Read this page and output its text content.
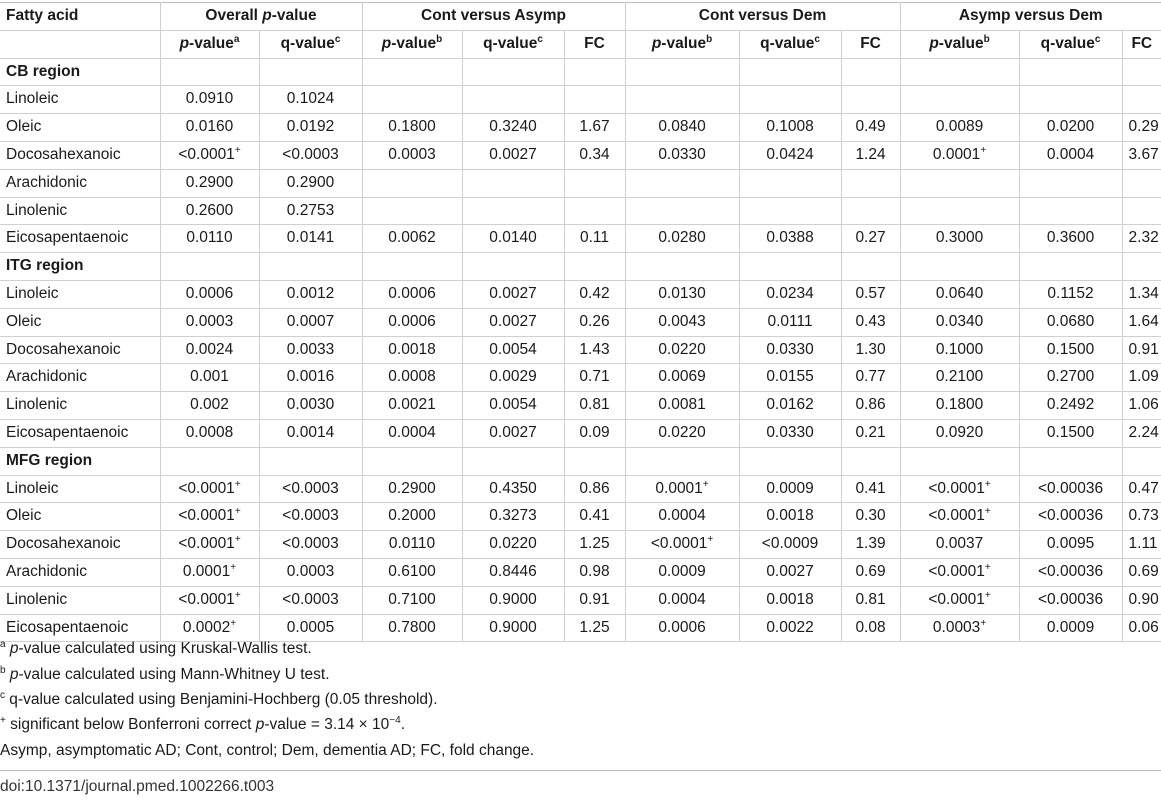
Fatty acid	Overall p-value		Cont versus Asymp			Cont versus Dem			Asymp versus Dem		
	p-value$^a$	q-value$^c$	p-value$^b$	q-value$^c$	FC	p-value$^b$	q-value$^c$	FC	p-value$^b$	q-value$^c$	FC
CB region											
Linoleic	0.0910	0.1024									
Oleic	0.0160	0.0192	0.1800	0.3240	1.67	0.0840	0.1008	0.49	0.0089	0.0200	0.29
Docosahexanoic	<0.0001+	<0.0003	0.0003	0.0027	0.34	0.0330	0.0424	1.24	0.0001+	0.0004	3.67
Arachidonic	0.2900	0.2900									
Linolenic	0.2600	0.2753									
Eicosapentaenoic	0.0110	0.0141	0.0062	0.0140	0.11	0.0280	0.0388	0.27	0.3000	0.3600	2.32
ITG region											
Linoleic	0.0006	0.0012	0.0006	0.0027	0.42	0.0130	0.0234	0.57	0.0640	0.1152	1.34
Oleic	0.0003	0.0007	0.0006	0.0027	0.26	0.0043	0.0111	0.43	0.0340	0.0680	1.64
Docosahexanoic	0.0024	0.0033	0.0018	0.0054	1.43	0.0220	0.0330	1.30	0.1000	0.1500	0.91
Arachidonic	0.001	0.0016	0.0008	0.0029	0.71	0.0069	0.0155	0.77	0.2100	0.2700	1.09
Linolenic	0.002	0.0030	0.0021	0.0054	0.81	0.0081	0.0162	0.86	0.1800	0.2492	1.06
Eicosapentaenoic	0.0008	0.0014	0.0004	0.0027	0.09	0.0220	0.0330	0.21	0.0920	0.1500	2.24
MFG region											
Linoleic	<0.0001+	<0.0003	0.2900	0.4350	0.86	0.0001+	0.0009	0.41	<0.0001+	<0.00036	0.47
Oleic	<0.0001+	<0.0003	0.2000	0.3273	0.41	0.0004	0.0018	0.30	<0.0001+	<0.00036	0.73
Docosahexanoic	<0.0001+	<0.0003	0.0110	0.0220	1.25	<0.0001+	<0.0009	1.39	0.0037	0.0095	1.11
Arachidonic	0.0001+	0.0003	0.6100	0.8446	0.98	0.0009	0.0027	0.69	<0.0001+	<0.00036	0.69
Linolenic	<0.0001+	<0.0003	0.7100	0.9000	0.91	0.0004	0.0018	0.81	<0.0001+	<0.00036	0.90
Eicosapentaenoic	0.0002+	0.0005	0.7800	0.9000	1.25	0.0006	0.0022	0.08	0.0003+	0.0009	0.06
$^a$ p-value calculated using Kruskal-Wallis test.
$^b$ p-value calculated using Mann-Whitney U test.
$^c$ q-value calculated using Benjamini-Hochberg (0.05 threshold).
+ significant below Bonferroni correct p-value = $3.14 \times 10^{-4}$.
Asymp, asymptomatic AD; Cont, control; Dem, dementia AD; FC, fold change.
doi:10.1371/journal.pmed.1002266.t003
